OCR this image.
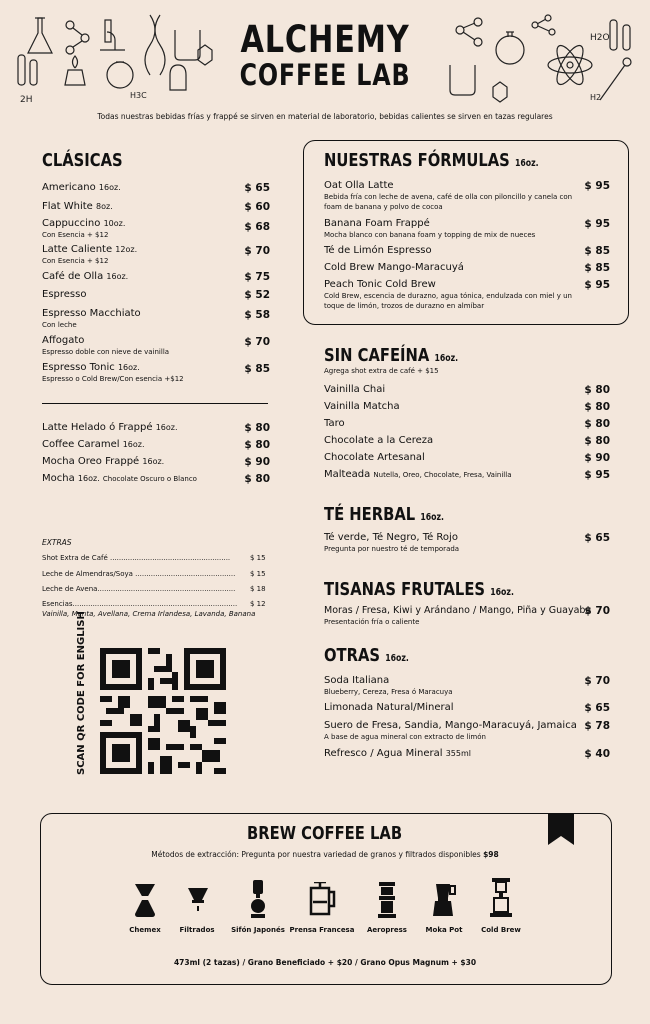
2H	H3C
H2O
H2
ALCHEMY
COFFEE LAB
Todas nuestras bebidas frías y frappé se sirven en material de laboratorio, bebidas calientes se sirven en tazas regulares
CLÁSICAS
Americano 16oz.	$ 65
Flat White 8oz.	$ 60
Cappuccino 10oz.
Con Esencia + $12
$ 68
Latte Caliente 12oz.
Con Esencia + $12
$ 70
Café de Olla 16oz.	$ 75
Espresso	$ 52
Espresso Macchiato
Con leche
$ 58
Affogato
Espresso doble con nieve de vainilla
$ 70
Espresso Tonic 16oz.
Espresso o Cold Brew/Con esencia +$12
$ 85
Latte Helado ó Frappé 16oz.	$ 80
Coffee Caramel 16oz.	$ 80
Mocha Oreo Frappé 16oz.	$ 90
Mocha 16oz. Chocolate Oscuro o Blanco	$ 80
EXTRAS
Shot Extra de Café ......................................................	$ 15
Leche de Almendras/Soya ............................................. $ 15
Leche de Avena.............................................................. $ 18
Esencias.......................................................................... $ 12
Vainilla, Menta, Avellana, Crema Irlandesa, Lavanda, Banana
SCAN QR CODE FOR ENGLISH
NUESTRAS FÓRMULAS 16oz.
Oat Olla Latte
Bebida fría con leche de avena, café de olla con piloncillo y canela con foam de banana y polvo de cocoa
$ 95
Banana Foam Frappé
Mocha blanco con banana foam y topping de mix de nueces
$ 95
Té de Limón Espresso	$ 85
Cold Brew Mango-Maracuyá	$ 85
Peach Tonic Cold Brew
Cold Brew, escencia de durazno, agua tónica, endulzada con miel y un toque de limón, trozos de durazno en almíbar
$ 95
SIN CAFEÍNA 16oz.
Agrega shot extra de café + $15
Vainilla Chai	$ 80
Vainilla Matcha	$ 80
Taro	$ 80
Chocolate a la Cereza	$ 80
Chocolate Artesanal	$ 90
Malteada Nutella, Oreo, Chocolate, Fresa, Vainilla	$ 95
TÉ HERBAL 16oz.
Té verde, Té Negro, Té Rojo
Pregunta por nuestro té de temporada
$ 65
TISANAS FRUTALES 16oz.
Moras / Fresa, Kiwi y Arándano / Mango, Piña y Guayaba
Presentación fría o caliente
$ 70
OTRAS 16oz.
Soda Italiana
Blueberry, Cereza, Fresa ó Maracuya
$ 70
Limonada Natural/Mineral	$ 65
Suero de Fresa, Sandia, Mango-Maracuyá, Jamaica
A base de agua mineral con extracto de limón
$ 78
Refresco / Agua Mineral 355ml	$ 40
BREW COFFEE LAB
Métodos de extracción: Pregunta por nuestra variedad de granos y filtrados disponibles $98
Chemex	Filtrados	Sifón Japonés Prensa Francesa	Aeropress	Moka Pot	Cold Brew
473ml (2 tazas) / Grano Beneficiado + $20 / Grano Opus Magnum + $30
